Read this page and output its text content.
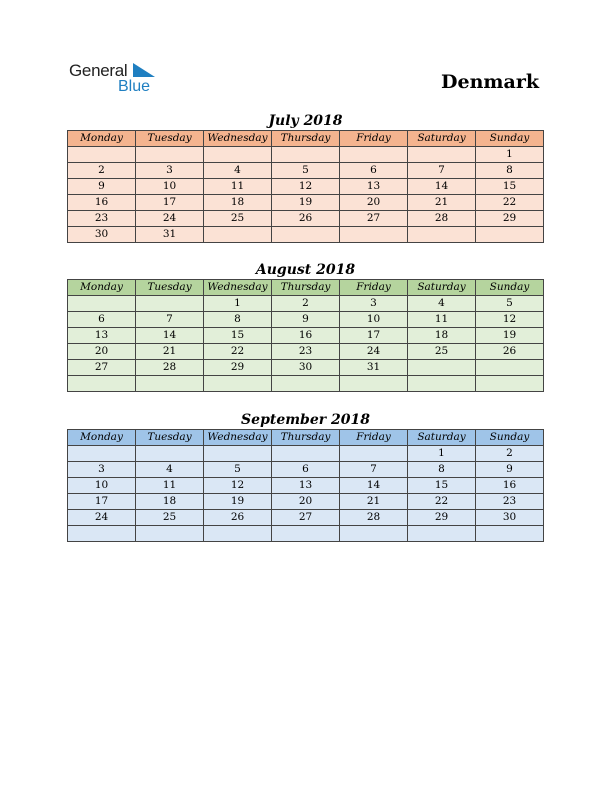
General
Blue	Denmark
July 2018
Monday	Tuesday	Wednesday	Thursday	Friday	Saturday	Sunday
						1
2	3	4	5	6	7	8
9	10	11	12	13	14	15
16	17	18	19	20	21	22
23	24	25	26	27	28	29
30	31					
August 2018
Monday	Tuesday	Wednesday	Thursday	Friday	Saturday	Sunday
		1	2	3	4	5
6	7	8	9	10	11	12
13	14	15	16	17	18	19
20	21	22	23	24	25	26
27	28	29	30	31		

September 2018
Monday	Tuesday	Wednesday	Thursday	Friday	Saturday	Sunday
					1	2
3	4	5	6	7	8	9
10	11	12	13	14	15	16
17	18	19	20	21	22	23
24	25	26	27	28	29	30
